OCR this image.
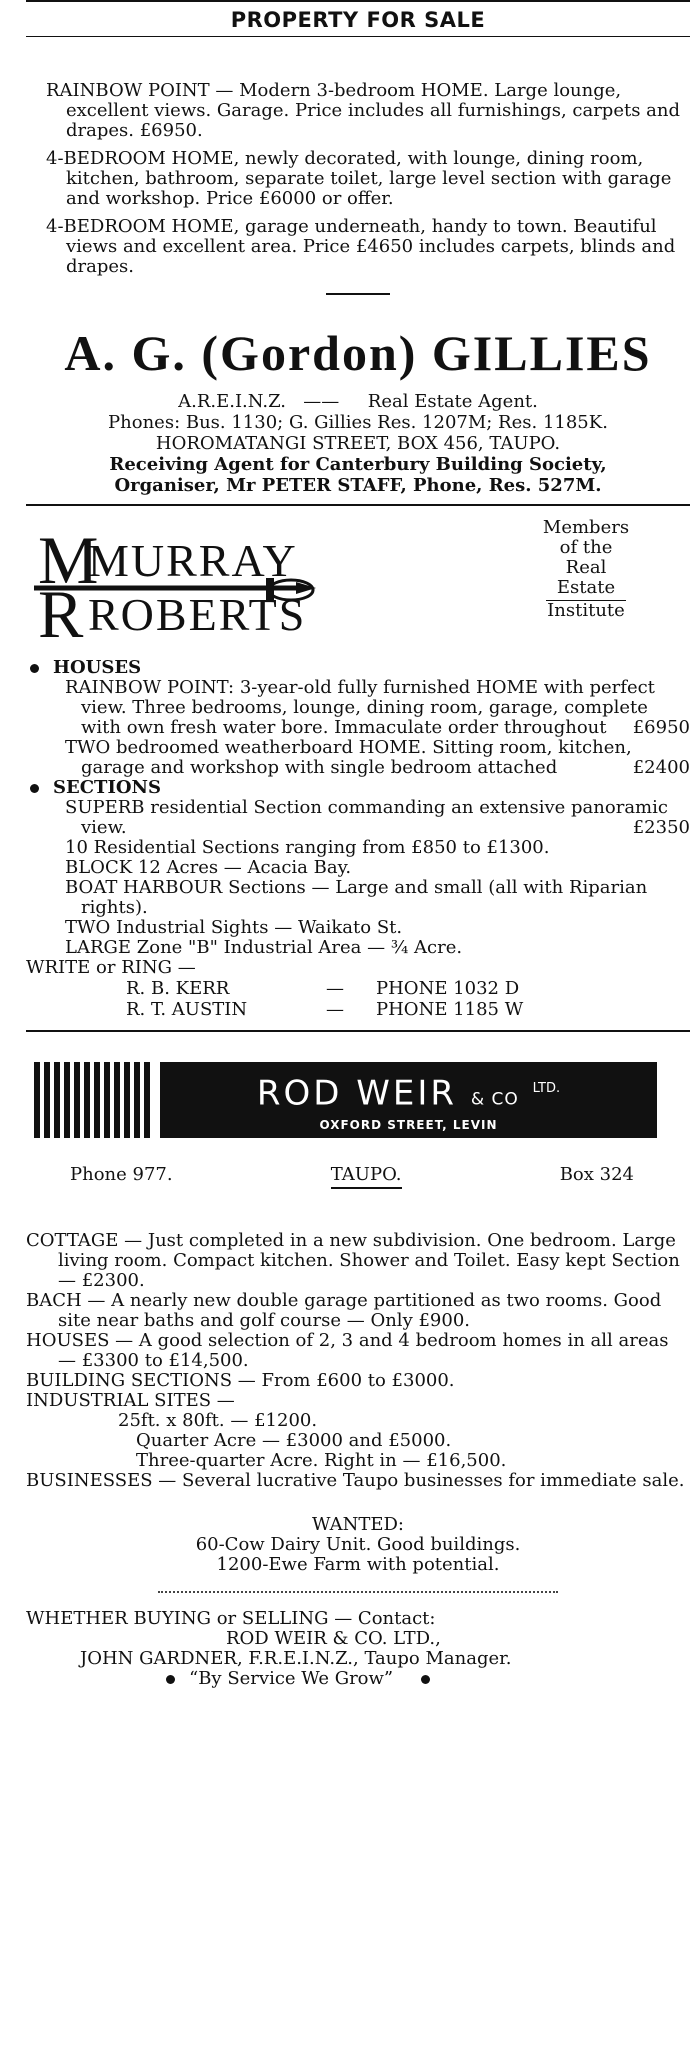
PROPERTY FOR SALE

RAINBOW POINT — Modern 3-bedroom HOME. Large lounge, excellent views. Garage. Price includes all furnishings, carpets and drapes. £6950.

4-BEDROOM HOME, newly decorated, with lounge, dining room, kitchen, bathroom, separate toilet, large level section with garage and workshop. Price £6000 or offer.

4-BEDROOM HOME, garage underneath, handy to town. Beautiful views and excellent area. Price £4650 includes carpets, blinds and drapes.

A. G. (Gordon) GILLIES
A.R.E.I.N.Z. —— Real Estate Agent.
Phones: Bus. 1130; G. Gillies Res. 1207M; Res. 1185K.
HOROMATANGI STREET, BOX 456, TAUPO.
Receiving Agent for Canterbury Building Society,
Organiser, Mr PETER STAFF, Phone, Res. 527M.
M
MURRAY
R ROBERTS
Members
of the
Real
Estate
Institute
HOUSES
RAINBOW POINT: 3-year-old fully furnished HOME with perfect view. Three bedrooms, lounge, dining room, garage, complete with own fresh water bore. Immaculate order throughout £6950
TWO bedroomed weatherboard HOME. Sitting room, kitchen, garage and workshop with single bedroom attached	£2400
SECTIONS
SUPERB residential Section commanding an extensive panoramic view.	£2350
10 Residential Sections ranging from £850 to £1300.
BLOCK 12 Acres — Acacia Bay.
BOAT HARBOUR Sections — Large and small (all with Riparian rights).
TWO Industrial Sights — Waikato St.
LARGE Zone "B" Industrial Area — ¾ Acre.
WRITE or RING —
R. B. KERR	—	PHONE 1032 D
R. T. AUSTIN	—	PHONE 1185 W
ROD WEIR & CO $^{LTD.}$
OXFORD STREET, LEVIN
Phone 977.	TAUPO.	Box 324
COTTAGE — Just completed in a new subdivision. One bedroom. Large living room. Compact kitchen. Shower and Toilet. Easy kept Section — £2300.
BACH — A nearly new double garage partitioned as two rooms. Good site near baths and golf course — Only £900.
HOUSES — A good selection of 2, 3 and 4 bedroom homes in all areas — £3300 to £14,500.
BUILDING SECTIONS — From £600 to £3000.
INDUSTRIAL SITES —
25ft. x 80ft. — £1200.
Quarter Acre — £3000 and £5000.
Three-quarter Acre. Right in — £16,500.
BUSINESSES — Several lucrative Taupo businesses for immediate sale.
WANTED:
60-Cow Dairy Unit. Good buildings.
1200-Ewe Farm with potential.
WHETHER BUYING or SELLING — Contact:
ROD WEIR & CO. LTD.,
JOHN GARDNER, F.R.E.I.N.Z., Taupo Manager.
“By Service We Grow”
